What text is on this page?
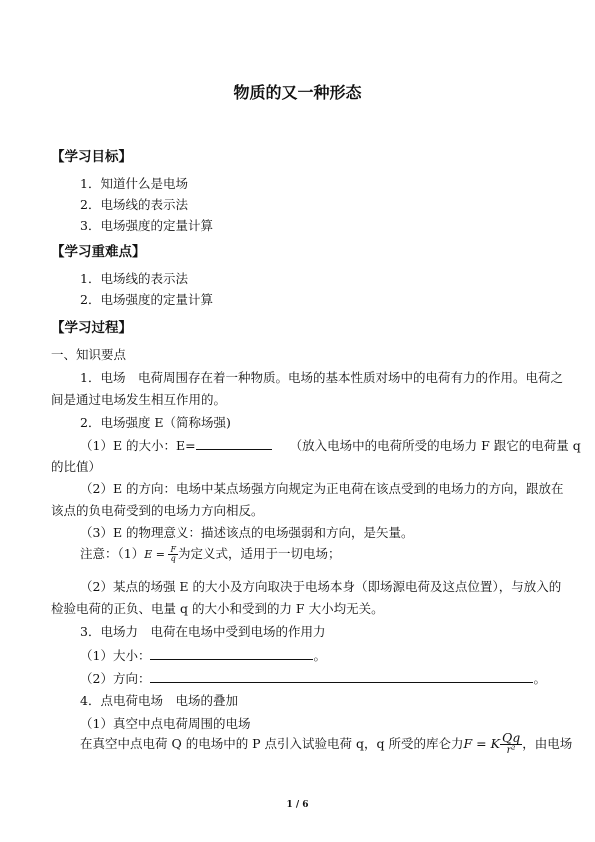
物质的又一种形态
【学习目标】
1．知道什么是电场
2．电场线的表示法
3．电场强度的定量计算
【学习重难点】
1．电场线的表示法
2．电场强度的定量计算
【学习过程】
一、知识要点
1．电场　电荷周围存在着一种物质。电场的基本性质对场中的电荷有力的作用。电荷之
间是通过电场发生相互作用的。
2．电场强度 E（简称场强)
（1）E 的大小：E=	（放入电场中的电荷所受的电场力 F 跟它的电荷量 q
的比值）
（2）E 的方向：电场中某点场强方向规定为正电荷在该点受到的电场力的方向，跟放在
该点的负电荷受到的电场力方向相反。
（3）E 的物理意义：描述该点的电场强弱和方向，是矢量。
注意：$(1)E = \frac{F}{q}$ 为定义式，适用于一切电场；
（2）某点的场强 E 的大小及方向取决于电场本身（即场源电荷及这点位置），与放入的
检验电荷的正负、电量 q 的大小和受到的力 F 大小均无关。
3．电场力　电荷在电场中受到电场的作用力
（1）大小：	。
（2）方向：	。
4．点电荷电场　电场的叠加
（1）真空中点电荷周围的电场
在真空中点电荷 Q 的电场中的 P 点引入试验电荷 q，q 所受的库仑力F = K $\frac{Qq}{\text{r²}}$ ，由电场
1 / 6
